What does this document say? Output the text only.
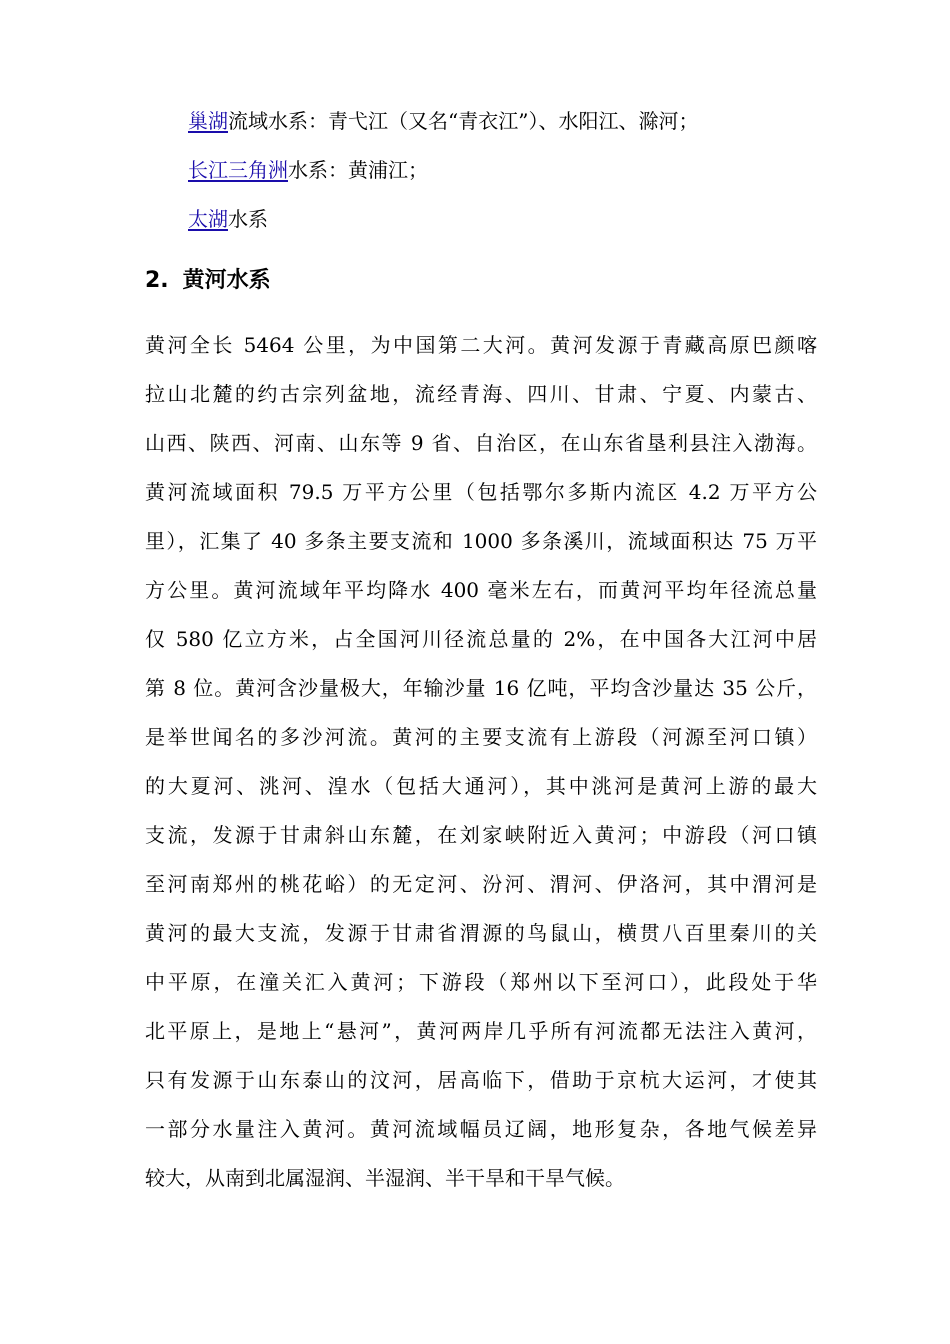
巢湖流域水系：青弋江（又名“青衣江”）、水阳江、滁河；
长江三角洲水系：黄浦江；
太湖水系
2. 黄河水系
黄河全长 5464 公里，为中国第二大河。黄河发源于青藏高原巴颜喀
拉山北麓的约古宗列盆地，流经青海、四川、甘肃、宁夏、内蒙古、
山西、陕西、河南、山东等 9 省、自治区，在山东省垦利县注入渤海。
黄河流域面积 79.5 万平方公里（包括鄂尔多斯内流区 4.2 万平方公
里），汇集了 40 多条主要支流和 1000 多条溪川，流域面积达 75 万平
方公里。黄河流域年平均降水 400 毫米左右，而黄河平均年径流总量
仅 580 亿立方米，占全国河川径流总量的 2%，在中国各大江河中居
第 8 位。黄河含沙量极大，年输沙量 16 亿吨，平均含沙量达 35 公斤，
是举世闻名的多沙河流。黄河的主要支流有上游段（河源至河口镇）
的大夏河、洮河、湟水（包括大通河），其中洮河是黄河上游的最大
支流，发源于甘肃斜山东麓，在刘家峡附近入黄河；中游段（河口镇
至河南郑州的桃花峪）的无定河、汾河、渭河、伊洛河，其中渭河是
黄河的最大支流，发源于甘肃省渭源的鸟鼠山，横贯八百里秦川的关
中平原，在潼关汇入黄河；下游段（郑州以下至河口），此段处于华
北平原上，是地上“悬河”，黄河两岸几乎所有河流都无法注入黄河，
只有发源于山东泰山的汶河，居高临下，借助于京杭大运河，才使其
一部分水量注入黄河。黄河流域幅员辽阔，地形复杂，各地气候差异
较大，从南到北属湿润、半湿润、半干旱和干旱气候。
